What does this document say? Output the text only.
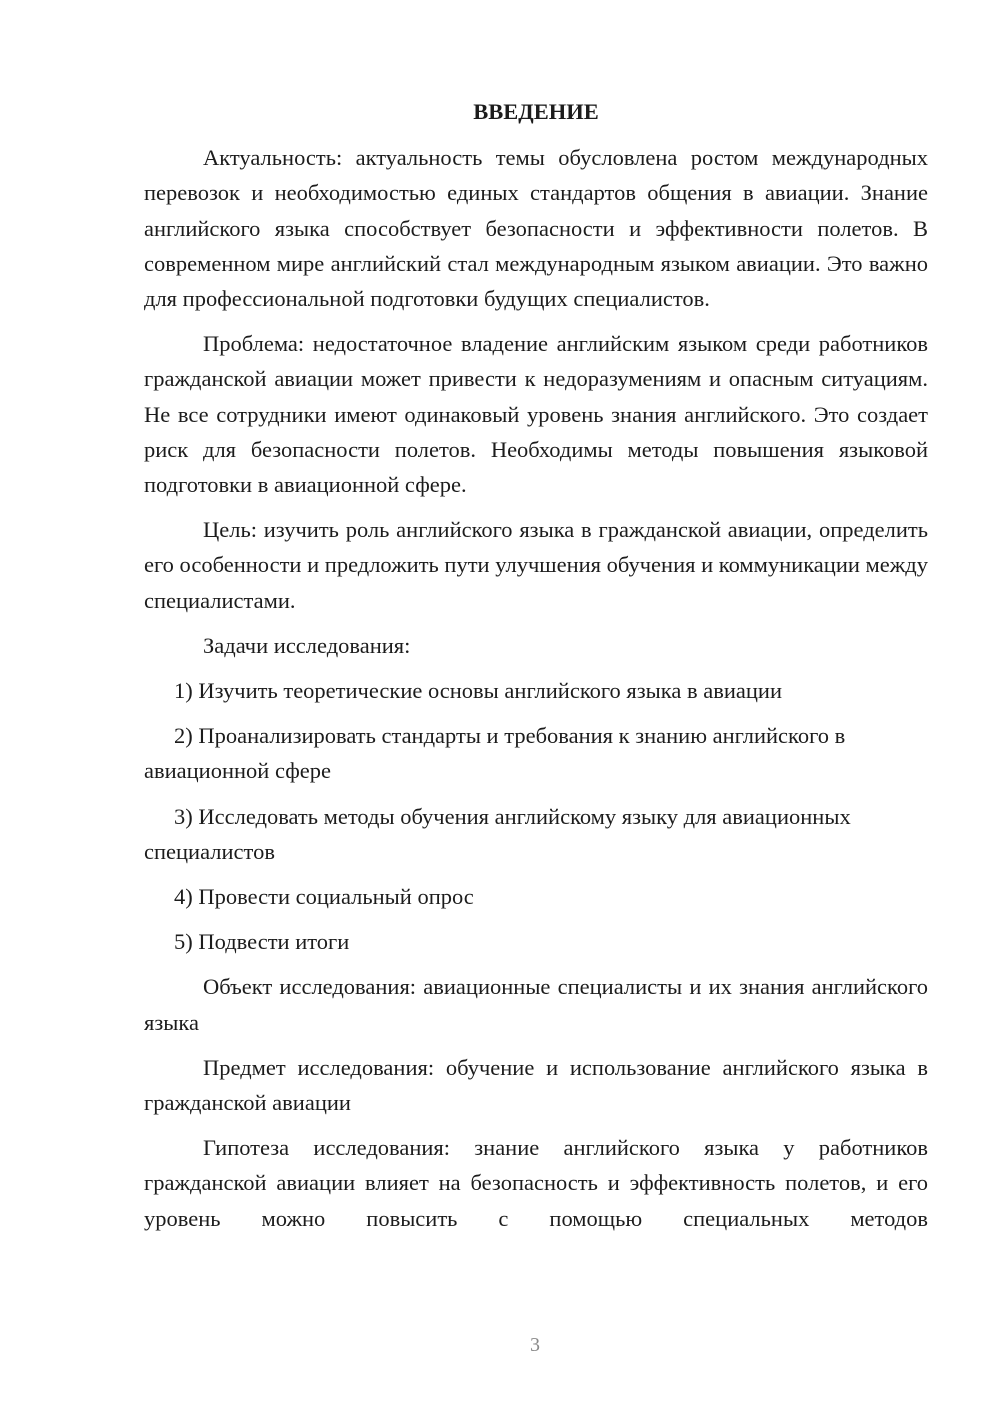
ВВЕДЕНИЕ

Актуальность: актуальность темы обусловлена ростом международных перевозок и необходимостью единых стандартов общения в авиации. Знание английского языка способствует безопасности и эффективности полетов. В современном мире английский стал международным языком авиации. Это важно для профессиональной подготовки будущих специалистов.

Проблема: недостаточное владение английским языком среди работников гражданской авиации может привести к недоразумениям и опасным ситуациям. Не все сотрудники имеют одинаковый уровень знания английского. Это создает риск для безопасности полетов. Необходимы методы повышения языковой подготовки в авиационной сфере.

Цель: изучить роль английского языка в гражданской авиации, определить его особенности и предложить пути улучшения обучения и коммуникации между специалистами.

Задачи исследования:

1) Изучить теоретические основы английского языка в авиации

2) Проанализировать стандарты и требования к знанию английского в авиационной сфере

3) Исследовать методы обучения английскому языку для авиационных специалистов

4) Провести социальный опрос

5) Подвести итоги

Объект исследования: авиационные специалисты и их знания английского языка

Предмет исследования: обучение и использование английского языка в гражданской авиации

Гипотеза исследования: знание английского языка у работников гражданской авиации влияет на безопасность и эффективность полетов, и его уровень можно повысить с помощью специальных методов

3
